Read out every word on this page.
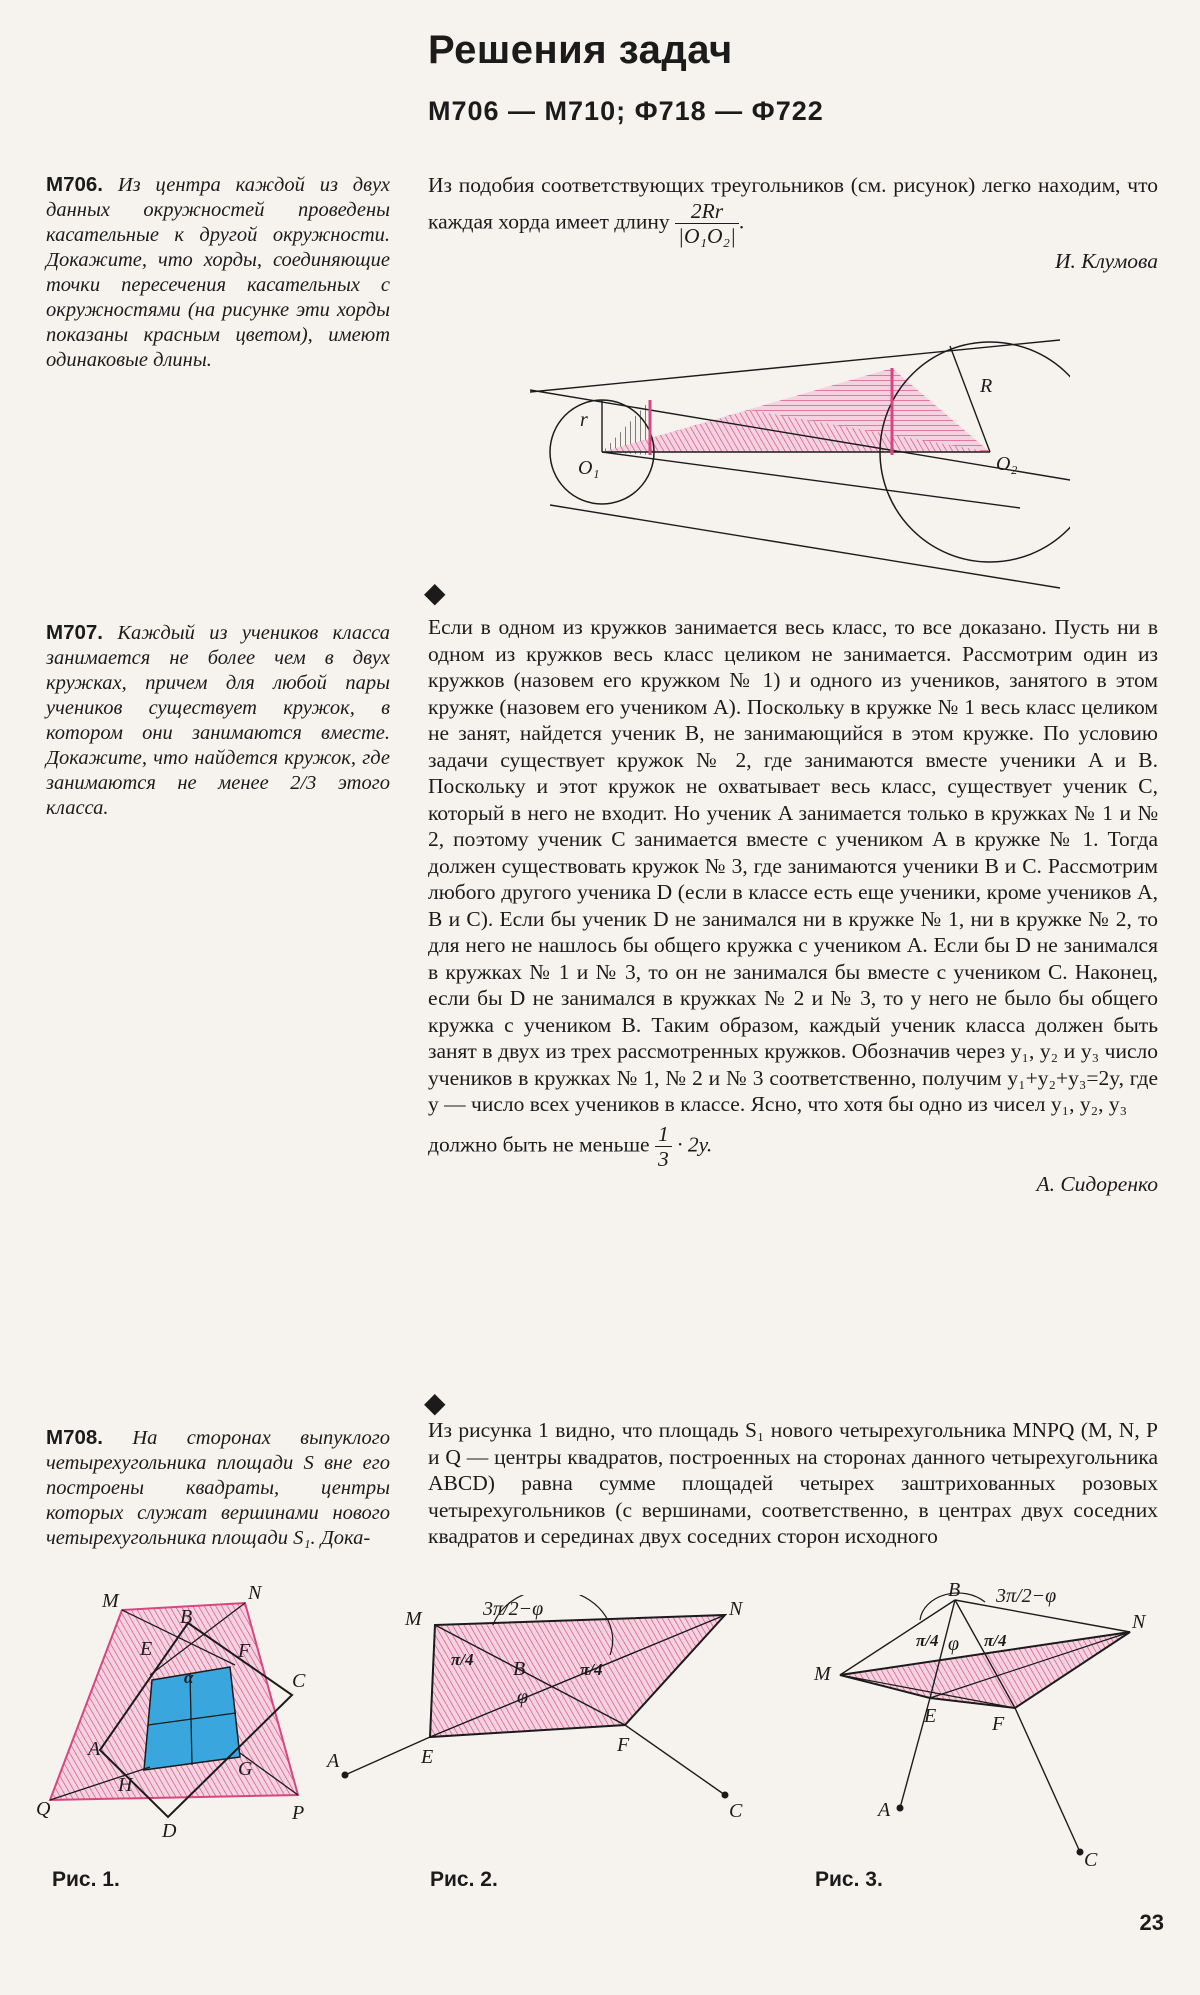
Решения задач
М706 — М710; Ф718 — Ф722
М706. Из центра каждой из двух данных окружностей проведены касательные к другой окружности. Докажите, что хорды, соединяющие точки пересечения касательных с окружностями (на рисунке эти хорды показаны красным цветом), имеют одинаковые длины.

Из подобия соответствующих треугольников (см. рисунок) легко находим, что каждая хорда имеет длину $\frac{2Rr}{\text{|O₁O₂|}}$ .

И. Клумова

r
R
O₁	O₂
◆
М707. Каждый из учеников класса занимается не более чем в двух кружках, причем для любой пары учеников существует кружок, в котором они занимаются вместе. Докажите, что найдется кружок, где занимаются не менее 2/3 этого класса.

Если в одном из кружков занимается весь класс, то все доказано. Пусть ни в одном из кружков весь класс целиком не занимается. Рассмотрим один из кружков (назовем его кружком № 1) и одного из учеников, занятого в этом кружке (назовем его учеником A). Поскольку в кружке № 1 весь класс целиком не занят, найдется ученик B, не занимающийся в этом кружке. По условию задачи существует кружок № 2, где занимаются вместе ученики A и B. Поскольку и этот кружок не охватывает весь класс, существует ученик C, который в него не входит. Но ученик A занимается только в кружках № 1 и № 2, поэтому ученик C занимается вместе с учеником A в кружке № 1. Тогда должен существовать кружок № 3, где занимаются ученики B и C. Рассмотрим любого другого ученика D (если в классе есть еще ученики, кроме учеников A, B и C). Если бы ученик D не занимался ни в кружке № 1, ни в кружке № 2, то для него не нашлось бы общего кружка с учеником A. Если бы D не занимался в кружках № 1 и № 3, то он не занимался бы вместе с учеником C. Наконец, если бы D не занимался в кружках № 2 и № 3, то у него не было бы общего кружка с учеником B. Таким образом, каждый ученик класса должен быть занят в двух из трех рассмотренных кружков. Обозначив через y₁, y₂ и y₃ число учеников в кружках № 1, № 2 и № 3 соответственно, получим y₁+y₂+y₃=2y, где y — число всех учеников в классе. Ясно, что хотя бы одно из чисел y₁, y₂, y₃

должно быть не меньше $\frac{1}{3} \cdot 2y$.

А. Сидоренко

◆
М708. На сторонах выпуклого четырехугольника площади S вне его построены квадраты, центры которых служат вершинами нового четырехугольника площади S₁. Дока-

Из рисунка 1 видно, что площадь S₁ нового четырехугольника MNPQ (M, N, P и Q — центры квадратов, построенных на сторонах данного четырехугольника ABCD) равна сумме площадей четырех заштрихованных розовых четырехугольников (с вершинами, соответственно, в центрах двух соседних квадратов и серединах двух соседних сторон исходного

M	N
B
E	F
C
α
A
G
H
Q
D
P
Рис. 1.
3π/2−φ
M	N
π/4
π/4
B
φ
A	E
F
C
Рис. 2.
B 3π/2−φ
π/4 φ π/4
M
N
E	F
A
C
Рис. 3.
23
